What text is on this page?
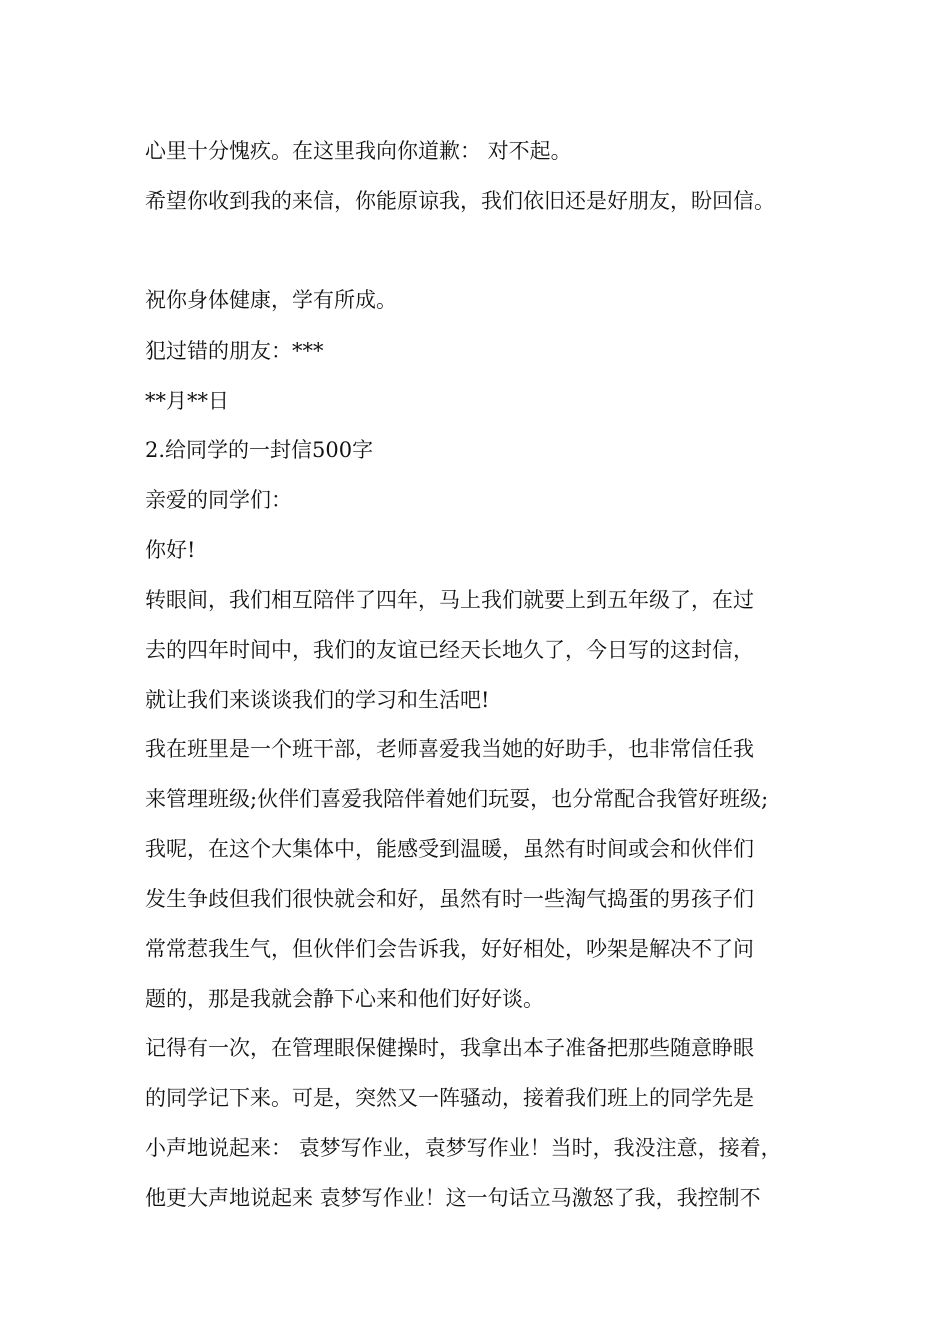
心里十分愧疚。在这里我向你道歉： 对不起。
希望你收到我的来信，你能原谅我，我们依旧还是好朋友，盼回信。
祝你身体健康，学有所成。
犯过错的朋友：***
**月**日
2.给同学的一封信500字
亲爱的同学们：
你好!
转眼间，我们相互陪伴了四年，马上我们就要上到五年级了，在过
去的四年时间中，我们的友谊已经天长地久了，今日写的这封信，
就让我们来谈谈我们的学习和生活吧!
我在班里是一个班干部，老师喜爱我当她的好助手，也非常信任我
来管理班级;伙伴们喜爱我陪伴着她们玩耍，也分常配合我管好班级;
我呢，在这个大集体中，能感受到温暖，虽然有时间或会和伙伴们
发生争歧但我们很快就会和好，虽然有时一些淘气捣蛋的男孩子们
常常惹我生气，但伙伴们会告诉我，好好相处，吵架是解决不了问
题的，那是我就会静下心来和他们好好谈。
记得有一次，在管理眼保健操时，我拿出本子准备把那些随意睁眼
的同学记下来。可是，突然又一阵骚动，接着我们班上的同学先是
小声地说起来： 袁梦写作业，袁梦写作业！当时，我没注意，接着，
他更大声地说起来 袁梦写作业！这一句话立马激怒了我，我控制不
